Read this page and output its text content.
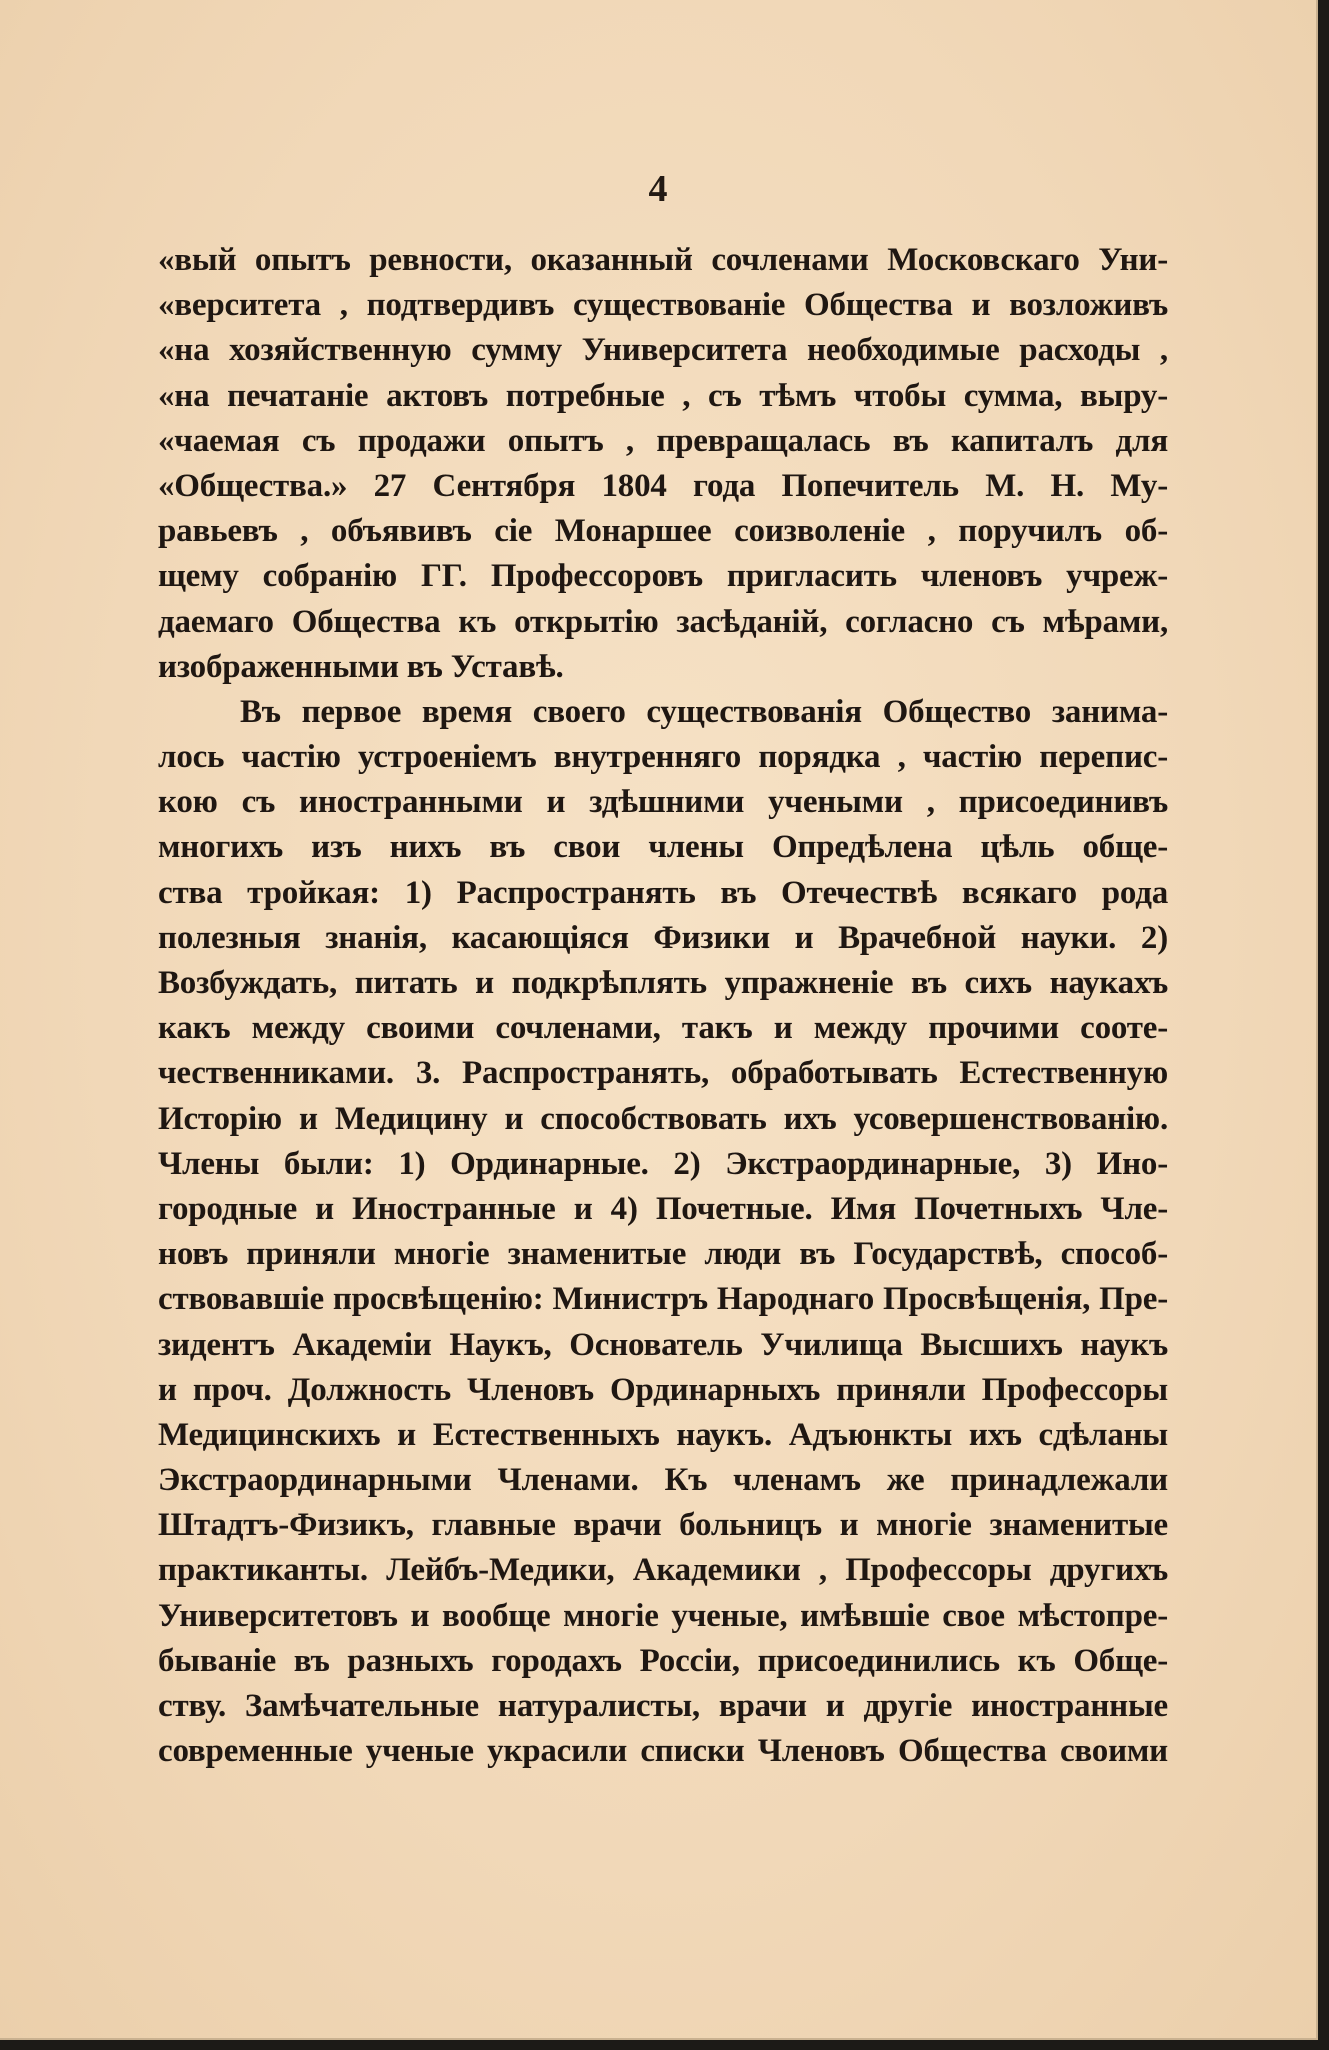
4
«вый опытъ ревности, оказанный сочленами Московскаго Уни-
«верситета , подтвердивъ существованіе Общества и возложивъ
«на хозяйственную сумму Университета необходимые расходы ,
«на печатаніе актовъ потребные , съ тѣмъ чтобы сумма, выру-
«чаемая съ продажи опытъ , превращалась въ капиталъ для
«Общества.» 27 Сентября 1804 года Попечитель М. Н. Му-
равьевъ , объявивъ сіе Монаршее соизволеніе , поручилъ об-
щему собранію ГГ. Профессоровъ пригласить членовъ учреж-
даемаго Общества къ открытію засѣданій, согласно съ мѣрами,
изображенными въ Уставѣ.
Въ первое время своего существованія Общество занима-
лось частію устроеніемъ внутренняго порядка , частію перепис-
кою съ иностранными и здѣшними учеными , присоединивъ
многихъ изъ нихъ въ свои члены Опредѣлена цѣль обще-
ства тройкая: 1) Распространять въ Отечествѣ всякаго рода
полезныя знанія, касающіяся Физики и Врачебной науки. 2)
Возбуждать, питать и подкрѣплять упражненіе въ сихъ наукахъ
какъ между своими сочленами, такъ и между прочими соотe-
чественниками. 3. Распространять, обработывать Естественную
Исторію и Медицину и способствовать ихъ усовершенствованію.
Члены были: 1) Ординарные. 2) Экстраординарные, 3) Ино-
городные и Иностранные и 4) Почетные. Имя Почетныхъ Чле-
новъ приняли многіе знаменитые люди въ Государствѣ, способ-
ствовавшіе просвѣщенію: Министръ Народнаго Просвѣщенія, Пре-
зидентъ Академіи Наукъ, Основатель Училища Высшихъ наукъ
и проч. Должность Членовъ Ординарныхъ приняли Профессоры
Медицинскихъ и Естественныхъ наукъ. Адъюнкты ихъ сдѣланы
Экстраординарными Членами. Къ членамъ же принадлежали
Штадтъ-Физикъ, главные врачи больницъ и многіе знаменитые
практиканты. Лейбъ-Медики, Академики , Профессоры другихъ
Университетовъ и вообще многіе ученые, имѣвшіе свое мѣстопре-
быванiе въ разныхъ городахъ Россіи, присоединились къ Обще-
ству. Замѣчательные натуралисты, врачи и другіе иностранные
современные ученые украсили списки Членовъ Общества своими
